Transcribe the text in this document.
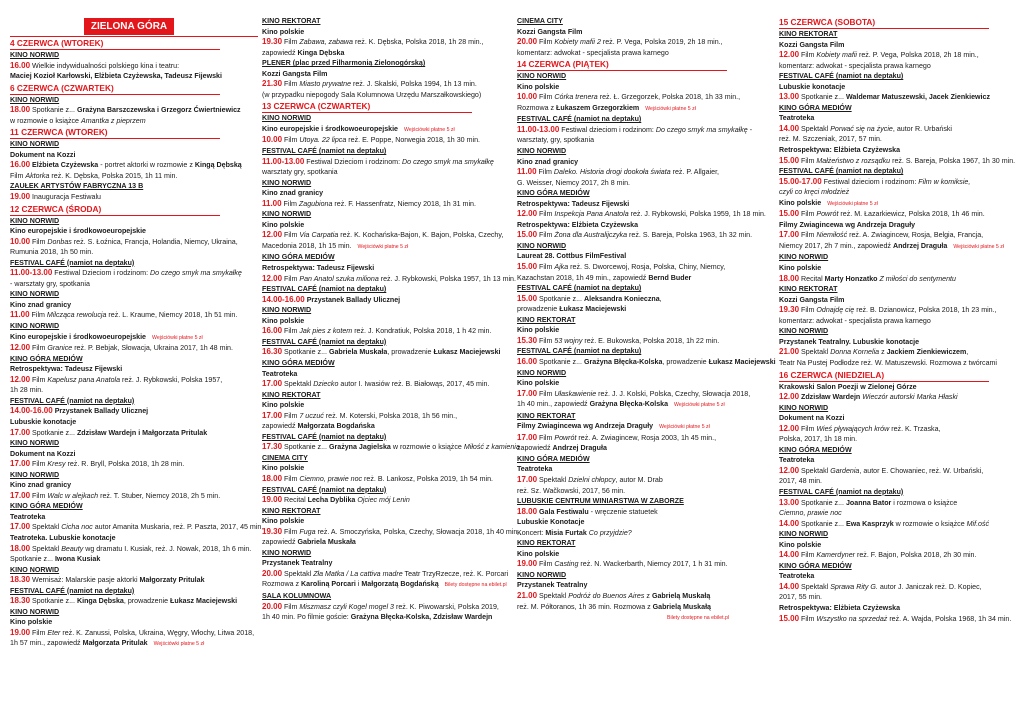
ZIELONA GÓRA

4 CZERWCA (WTOREK)
KINO NORWID
16.00 Wielkie indywidualności polskiego kina i teatru:
Maciej Kozioł Karłowski, Elżbieta Czyżewska, Tadeusz Fijewski
6 CZERWCA (CZWARTEK)
KINO NORWID
18.00 Spotkanie z... Grażyna Barszczewska i Grzegorz Ćwiertniewicz
w rozmowie o książce Amantka z pieprzem
11 CZERWCA (WTOREK)
KINO NORWID
Dokument na Kozzi
16.00 Elżbieta Czyżewska - portret aktorki w rozmowie z Kingą Dębską
Film Aktorka reż. K. Dębska, Polska 2015, 1h 11 min.
ZAUŁEK ARTYSTÓW FABRYCZNA 13 B
19.00 Inauguracja Festiwalu
12 CZERWCA (ŚRODA)
KINO NORWID
Kino europejskie i środkowoeuropejskie
10.00 Film Donbas reż. S. Łoźnica, Francja, Holandia, Niemcy, Ukraina,
Rumunia 2018, 1h 50 min.
FESTIVAL CAFÉ (namiot na deptaku)
11.00-13.00 Festiwal Dzieciom i rodzinom: Do czego smyk ma smykałkę
- warsztaty gry, spotkania
KINO NORWID
Kino znad granicy
11.00 Film Milcząca rewolucja reż. L. Kraume, Niemcy 2018, 1h 51 min.
KINO NORWID
Kino europejskie i środkowoeuropejskie Wejściówki płatne 5 zł
12.00 Film Granice reż. P. Bebjak, Słowacja, Ukraina 2017, 1h 48 min.
KINO GÓRA MEDIÓW
Retrospektywa: Tadeusz Fijewski
12.00 Film Kapelusz pana Anatola reż. J. Rybkowski, Polska 1957,
1h 28 min.
FESTIVAL CAFÉ (namiot na deptaku)
14.00-16.00 Przystanek Ballady Ulicznej
Lubuskie konotacje
17.00 Spotkanie z... Zdzisław Wardejn i Małgorzata Pritulak
KINO NORWID
Dokument na Kozzi
17.00 Film Kresy reż. R. Bryll, Polska 2018, 1h 28 min.
KINO NORWID
Kino znad granicy
17.00 Film Walc w alejkach reż. T. Stuber, Niemcy 2018, 2h 5 min.
KINO GÓRA MEDIÓW
Teatroteka
17.00 Spektakl Cicha noc autor Amanita Muskaria, reż. P. Paszta, 2017, 45 min.
Teatroteka. Lubuskie konotacje
18.00 Spektakl Beauty wg dramatu I. Kusiak, reż. J. Nowak, 2018, 1h 6 min.
Spotkanie z... Iwona Kusiak
KINO NORWID
18.30 Wernisaż: Malarskie pasje aktorki Małgorzaty Pritulak
FESTIVAL CAFÉ (namiot na deptaku)
18.30 Spotkanie z... Kinga Dębska, prowadzenie Łukasz Maciejewski
KINO NORWID
Kino polskie
19.00 Film Eter reż. K. Zanussi, Polska, Ukraina, Węgry, Włochy, Litwa 2018,
1h 57 min., zapowiedź Małgorzata Pritulak Wejściówki płatne 5 zł
KINO REKTORAT
Kino polskie
19.30 Film Zabawa, zabawa reż. K. Dębska, Polska 2018, 1h 28 min.,
zapowiedź Kinga Dębska
PLENER (plac przed Filharmonią Zielonogórską)
Kozzi Gangsta Film
21.30 Film Miasto prywatne reż. J. Skalski, Polska 1994, 1h 13 min.
(w przypadku niepogody Sala Kolumnowa Urzędu Marszałkowskiego)
13 CZERWCA (CZWARTEK)
KINO NORWID
Kino europejskie i środkowoeuropejskie Wejściówki płatne 5 zł
10.00 Film Utoya. 22 lipca reż. E. Poppe, Norwegia 2018, 1h 30 min.
FESTIVAL CAFÉ (namiot na deptaku)
11.00-13.00 Festiwal Dzieciom i rodzinom: Do czego smyk ma smykałkę
warsztaty gry, spotkania
KINO NORWID
Kino znad granicy
11.00 Film Zagubiona reż. F. Hassenfratz, Niemcy 2018, 1h 31 min.
KINO NORWID
Kino polskie
12.00 Film Via Carpatia reż. K. Kochańska-Bajon, K. Bajon, Polska, Czechy,
Macedonia 2018, 1h 15 min. Wejściówki płatne 5 zł
KINO GÓRA MEDIÓW
Retrospektywa: Tadeusz Fijewski
12.00 Film Pan Anatol szuka miliona reż. J. Rybkowski, Polska 1957, 1h 13 min.
FESTIVAL CAFÉ (namiot na deptaku)
14.00-16.00 Przystanek Ballady Ulicznej
KINO NORWID
Kino polskie
16.00 Film Jak pies z kotem reż. J. Kondratiuk, Polska 2018, 1 h 42 min.
FESTIVAL CAFÉ (namiot na deptaku)
16.30 Spotkanie z... Gabriela Muskała, prowadzenie Łukasz Maciejewski
KINO GÓRA MEDIÓW
Teatroteka
17.00 Spektakl Dziecko autor I. Iwasiów reż. B. Białowąs, 2017, 45 min.
KINO REKTORAT
Kino polskie
17.00 Film 7 uczuć reż. M. Koterski, Polska 2018, 1h 56 min.,
zapowiedź Małgorzata Bogdańska
FESTIVAL CAFÉ (namiot na deptaku)
17.30 Spotkanie z... Grażyna Jagielska w rozmowie o książce Miłość z kamienia
CINEMA CITY
Kino polskie
18.00 Film Ciemno, prawie noc reż. B. Lankosz, Polska 2019, 1h 54 min.
FESTIVAL CAFÉ (namiot na deptaku)
19.00 Recital Lecha Dyblika Ojciec mój Lenin
KINO REKTORAT
Kino polskie
19.30 Film Fuga reż. A. Smoczyńska, Polska, Czechy, Słowacja 2018, 1h 40 min.,
zapowiedź Gabriela Muskała
KINO NORWID
Przystanek Teatralny
20.00 Spektakl Zła Matka / La cattiva madre Teatr TrzyRzecze, reż. K. Porcari
Rozmowa z Karoliną Porcari i Małgorzatą Bogdańską Bilety dostępne na ebilet.pl
SALA KOLUMNOWA
20.00 Film Miszmasz czyli Kogel mogel 3 reż. K. Piwowarski, Polska 2019,
1h 40 min. Po filmie goście: Grażyna Błęcka-Kolska, Zdzisław Wardejn
CINEMA CITY
Kozzi Gangsta Film
20.00 Film Kobiety mafii 2 reż. P. Vega, Polska 2019, 2h 18 min.,
komentarz: adwokat - specjalista prawa karnego
14 CZERWCA (PIĄTEK)
KINO NORWID
Kino polskie
10.00 Film Córka trenera reż. Ł. Grzegorzek, Polska 2018, 1h 33 min.,
Rozmowa z Łukaszem Grzegorzkiem Wejściówki płatne 5 zł
FESTIVAL CAFÉ (namiot na deptaku)
11.00-13.00 Festiwal dzieciom i rodzinom: Do czego smyk ma smykałkę -
warsztaty, gry, spotkania
KINO NORWID
Kino znad granicy
11.00 Film Daleko. Historia drogi dookoła świata reż. P. Allgaier,
G. Weisser, Niemcy 2017, 2h 8 min.
KINO GÓRA MEDIÓW
Retrospektywa: Tadeusz Fijewski
12.00 Film Inspekcja Pana Anatola reż. J. Rybkowski, Polska 1959, 1h 18 min.
Retrospektywa: Elżbieta Czyżewska
15.00 Film Żona dla Australijczyka reż. S. Bareja, Polska 1963, 1h 32 min.
KINO NORWID
Laureat 28. Cottbus FilmFestival
15.00 Film Ajka reż. S. Dworcewoj, Rosja, Polska, Chiny, Niemcy,
Kazachstan 2018, 1h 49 min., zapowiedź Bernd Buder
FESTIVAL CAFÉ (namiot na deptaku)
15.00 Spotkanie z... Aleksandra Konieczna,
prowadzenie Łukasz Maciejewski
KINO REKTORAT
Kino polskie
15.30 Film 53 wojny reż. E. Bukowska, Polska 2018, 1h 22 min.
FESTIVAL CAFÉ (namiot na deptaku)
16.00 Spotkanie z... Grażyna Błęcka-Kolska, prowadzenie Łukasz Maciejewski
KINO NORWID
Kino polskie
17.00 Film Ułaskawienie reż. J. J. Kolski, Polska, Czechy, Słowacja 2018,
1h 40 min., zapowiedź Grażyna Błęcka-Kolska Wejściówki płatne 5 zł
KINO REKTORAT
Filmy Zwiagincewa wg Andrzeja Draguły Wejściówki płatne 5 zł
17.00 Film Powrót reż. A. Zwiagincew, Rosja 2003, 1h 45 min.,
zapowiedź Andrzej Draguła
KINO GÓRA MEDIÓW
Teatroteka
17.00 Spektakl Dzielni chłopcy, autor M. Drab
reż. Sz. Wačkowski, 2017, 56 min.
LUBUSKIE CENTRUM WINIARSTWA W ZABORZE
18.00 Gala Festiwalu - wręczenie statuetek
Lubuskie Konotacje
Koncert: Misia Furtak Co przyjdzie?
KINO REKTORAT
Kino polskie
19.00 Film Casting reż. N. Wackerbarth, Niemcy 2017, 1 h 31 min.
KINO NORWID
Przystanek Teatralny
21.00 Spektakl Podróż do Buenos Aires z Gabrielą Muskałą
reż. M. Półtoranos, 1h 36 min. Rozmowa z Gabrielą Muskałą
Bilety dostępne na ebilet.pl
15 CZERWCA (SOBOTA)
KINO REKTORAT
Kozzi Gangsta Film
12.00 Film Kobiety mafii reż. P. Vega, Polska 2018, 2h 18 min.,
komentarz: adwokat - specjalista prawa karnego
FESTIVAL CAFÉ (namiot na deptaku)
Lubuskie konotacje
13.00 Spotkanie z... Waldemar Matuszewski, Jacek Zienkiewicz
KINO GÓRA MEDIÓW
Teatroteka
14.00 Spektakl Porwać się na życie, autor R. Urbański
reż. M. Szczeniak, 2017, 57 min.
Retrospektywa: Elżbieta Czyżewska
15.00 Film Małżeństwo z rozsądku reż. S. Bareja, Polska 1967, 1h 30 min.
FESTIVAL CAFÉ (namiot na deptaku)
15.00-17.00 Festiwal dzieciom i rodzinom: Film w komiksie,
czyli co kręci młodzież
Kino polskie Wejściówki płatne 5 zł
15.00 Film Powrót reż. M. Łazarkiewicz, Polska 2018, 1h 46 min.
Filmy Zwiagincewa wg Andrzeja Draguły
17.00 Film Niemiłość reż. A. Zwiagincew, Rosja, Belgia, Francja,
Niemcy 2017, 2h 7 min., zapowiedź Andrzej Draguła Wejściówki płatne 5 zł
KINO NORWID
Kino polskie
18.00 Recital Marty Honzatko Z miłości do sentymentu
KINO REKTORAT
Kozzi Gangsta Film
19.30 Film Odnajdę cię reż. B. Dzianowicz, Polska 2018, 1h 23 min.,
komentarz: adwokat - specjalista prawa karnego
KINO NORWID
Przystanek Teatralny. Lubuskie konotacje
21.00 Spektakl Donna Kornelia z Jackiem Zienkiewiczem,
Teatr Na Pustej Podłodze reż. W. Matuszewski. Rozmowa z twórcami
16 CZERWCA (NIEDZIELA)
Krakowski Salon Poezji w Zielonej Górze
12.00 Zdzisław Wardejn Wieczór autorski Marka Hłaski
KINO NORWID
Dokument na Kozzi
12.00 Film Wieś pływających krów reż. K. Trzaska,
Polska, 2017, 1h 18 min.
KINO GÓRA MEDIÓW
Teatroteka
12.00 Spektakl Gardenia, autor E. Chowaniec, reż. W. Urbański,
2017, 48 min.
FESTIVAL CAFÉ (namiot na deptaku)
13.00 Spotkanie z... Joanna Bator i rozmowa o książce
Ciemno, prawie noc
14.00 Spotkanie z... Ewa Kasprzyk w rozmowie o książce Mif.ość
KINO NORWID
Kino polskie
14.00 Film Kamerdyner reż. F. Bajon, Polska 2018, 2h 30 min.
KINO GÓRA MEDIÓW
Teatroteka
14.00 Spektakl Sprawa Rity G. autor J. Janiczak reż. D. Kopiec,
2017, 55 min.
Retrospektywa: Elżbieta Czyżewska
15.00 Film Wszystko na sprzedaż reż. A. Wajda, Polska 1968, 1h 34 min.
